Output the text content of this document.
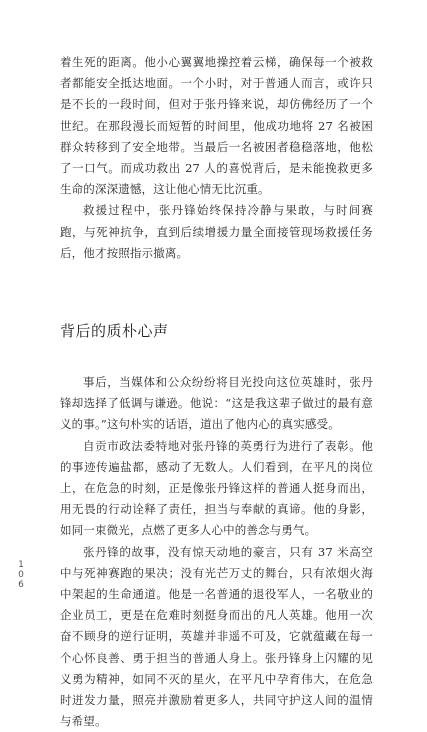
着生死的距离。他小心翼翼地操控着云梯，确保每一个被救者都能安全抵达地面。一个小时，对于普通人而言，或许只是不长的一段时间，但对于张丹锋来说，却仿佛经历了一个世纪。在那段漫长而短暂的时间里，他成功地将 27 名被困群众转移到了安全地带。当最后一名被困者稳稳落地，他松了一口气。而成功救出 27 人的喜悦背后，是未能挽救更多生命的深深遗憾，这让他心情无比沉重。

救援过程中，张丹锋始终保持冷静与果敢，与时间赛跑，与死神抗争，直到后续增援力量全面接管现场救援任务后，他才按照指示撤离。

背后的质朴心声

事后，当媒体和公众纷纷将目光投向这位英雄时，张丹锋却选择了低调与谦逊。他说：“这是我这辈子做过的最有意义的事。”这句朴实的话语，道出了他内心的真实感受。

自贡市政法委特地对张丹锋的英勇行为进行了表彰。他的事迹传遍盐都，感动了无数人。人们看到，在平凡的岗位上，在危急的时刻，正是像张丹锋这样的普通人挺身而出，用无畏的行动诠释了责任，担当与奉献的真谛。他的身影，如同一束微光，点燃了更多人心中的善念与勇气。

张丹锋的故事，没有惊天动地的豪言，只有 37 米高空中与死神赛跑的果决；没有光芒万丈的舞台，只有浓烟火海中架起的生命通道。他是一名普通的退役军人，一名敬业的企业员工，更是在危难时刻挺身而出的凡人英雄。他用一次奋不顾身的逆行证明，英雄并非遥不可及，它就蕴藏在每一个心怀良善、勇于担当的普通人身上。张丹锋身上闪耀的见义勇为精神，如同不灭的星火，在平凡中孕育伟大，在危急时迸发力量，照亮并激励着更多人，共同守护这人间的温情与希望。

106
